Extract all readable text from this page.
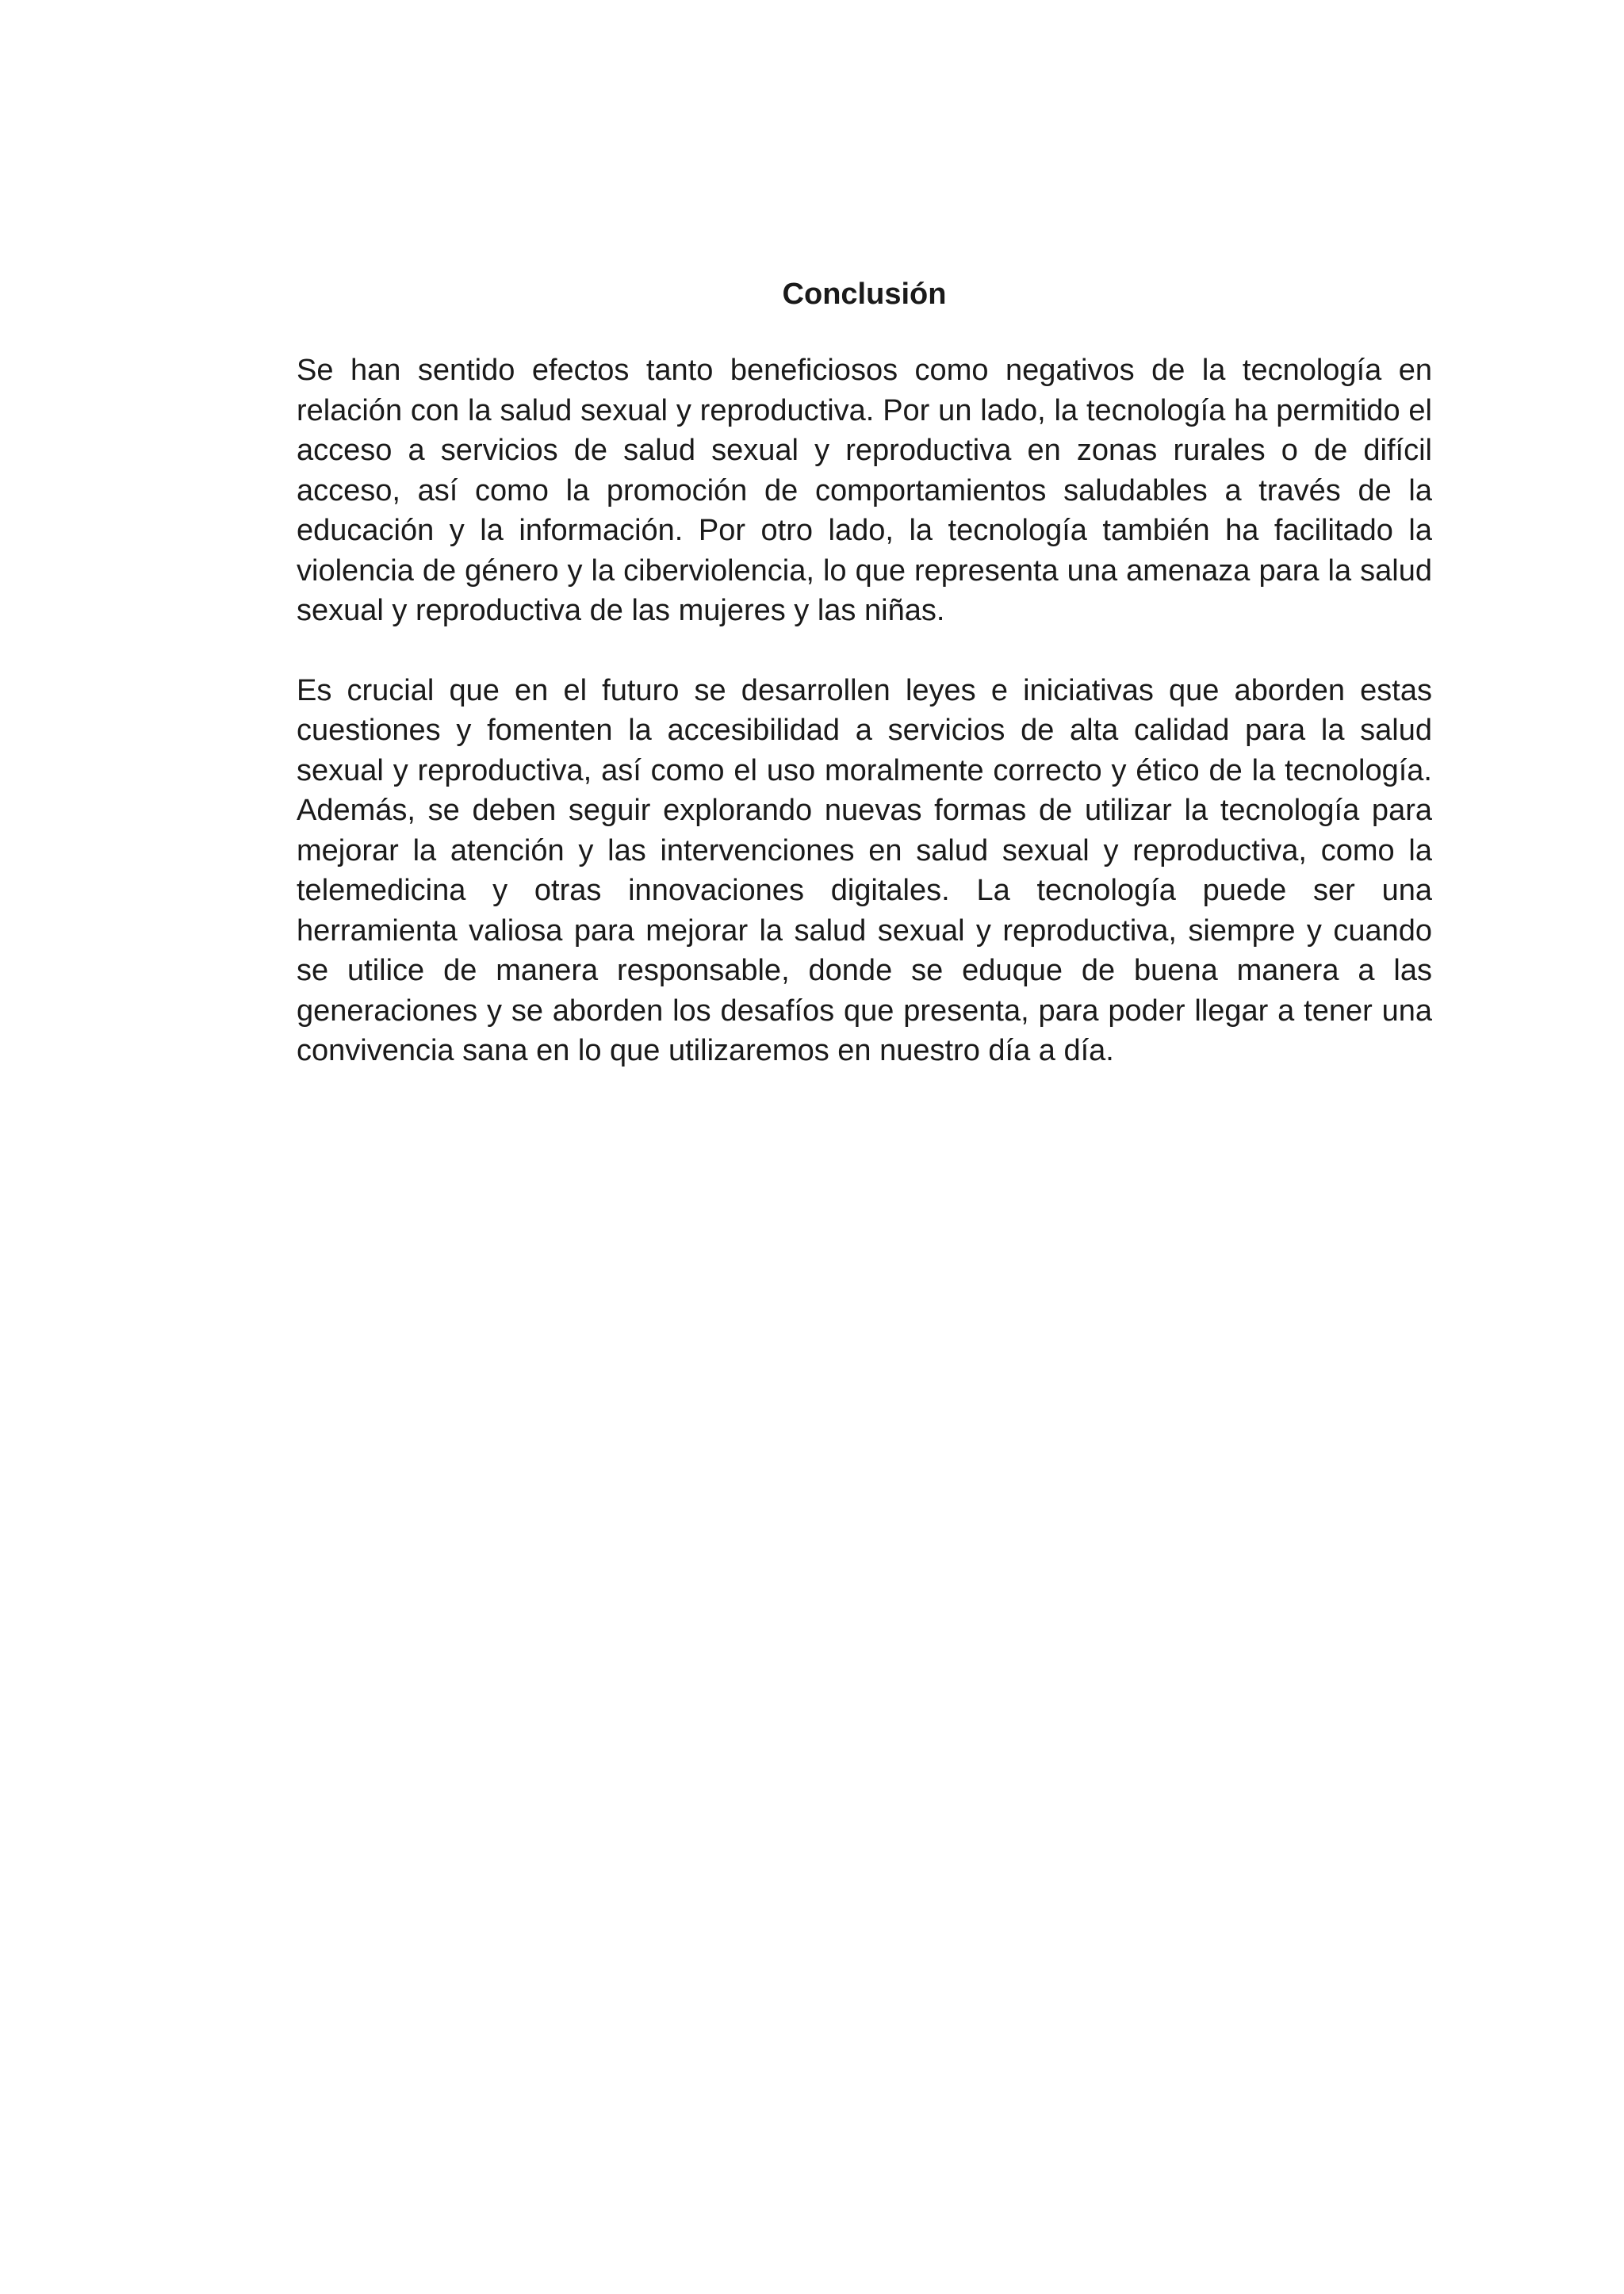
Conclusión

Se han sentido efectos tanto beneficiosos como negativos de la tecnología en relación con la salud sexual y reproductiva. Por un lado, la tecnología ha permitido el acceso a servicios de salud sexual y reproductiva en zonas rurales o de difícil acceso, así como la promoción de comportamientos saludables a través de la educación y la información. Por otro lado, la tecnología también ha facilitado la violencia de género y la ciberviolencia, lo que representa una amenaza para la salud sexual y reproductiva de las mujeres y las niñas.

Es crucial que en el futuro se desarrollen leyes e iniciativas que aborden estas cuestiones y fomenten la accesibilidad a servicios de alta calidad para la salud sexual y reproductiva, así como el uso moralmente correcto y ético de la tecnología. Además, se deben seguir explorando nuevas formas de utilizar la tecnología para mejorar la atención y las intervenciones en salud sexual y reproductiva, como la telemedicina y otras innovaciones digitales. La tecnología puede ser una herramienta valiosa para mejorar la salud sexual y reproductiva, siempre y cuando se utilice de manera responsable, donde se eduque de buena manera a las generaciones y se aborden los desafíos que presenta, para poder llegar a tener una convivencia sana en lo que utilizaremos en nuestro día a día.
